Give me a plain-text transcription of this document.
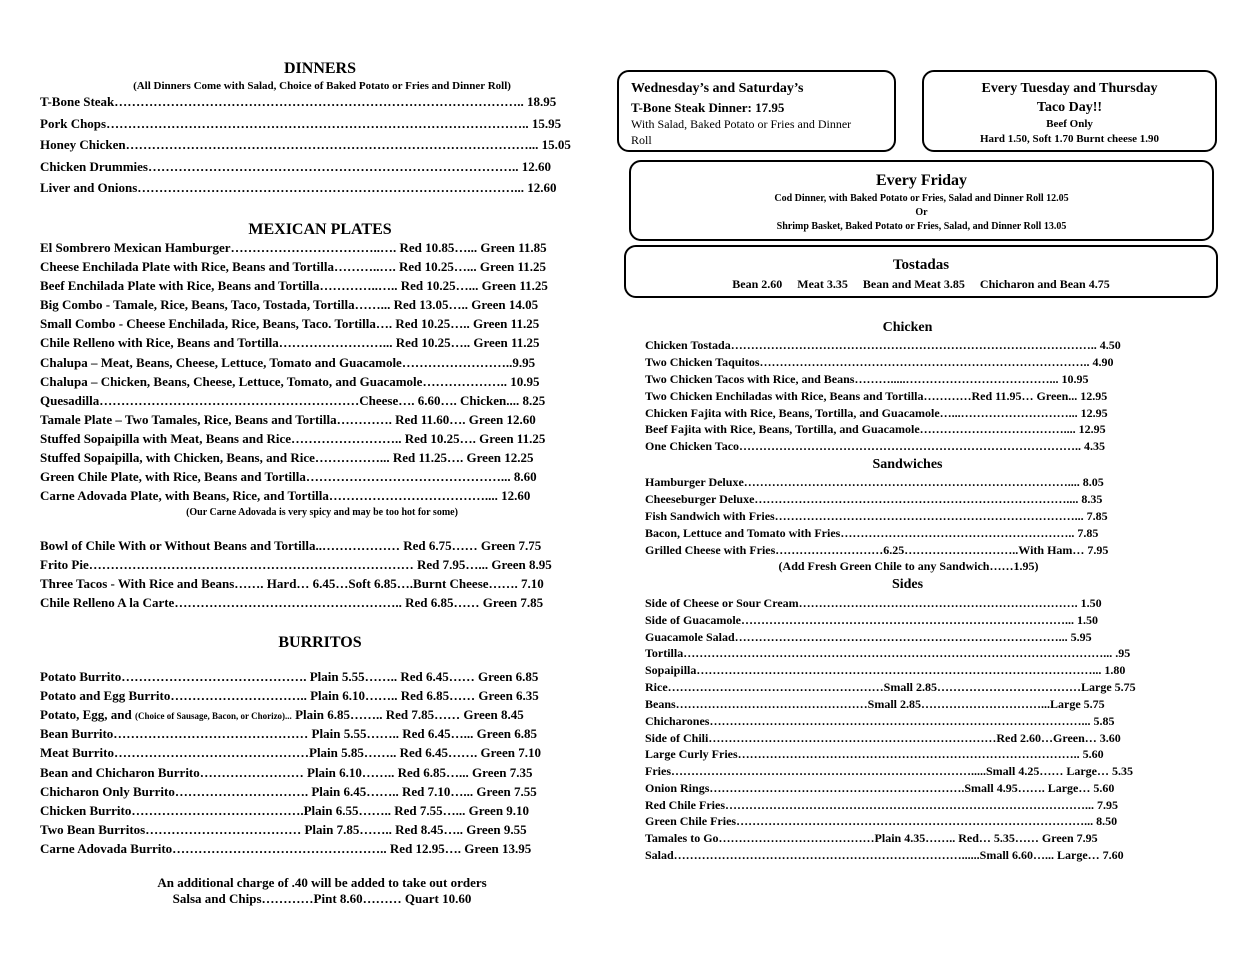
DINNERS
(All Dinners Come with Salad, Choice of Baked Potato or Fries and Dinner Roll)
T-Bone Steak………………………………………………………………………………….. 18.95
Pork Chops…………………………………………………………………………………….. 15.95
Honey Chicken…………………………………………………………………………………... 15.05
Chicken Drummies………………………………………………………………………….. 12.60
Liver and Onions……………………………………………………………………………... 12.60
MEXICAN PLATES
El Sombrero Mexican Hamburger……………………………..…. Red 10.85…... Green 11.85
Cheese Enchilada Plate with Rice, Beans and Tortilla………..…. Red 10.25…... Green 11.25
Beef Enchilada Plate with Rice, Beans and Tortilla…………..….. Red 10.25…... Green 11.25
Big Combo - Tamale, Rice, Beans, Taco, Tostada, Tortilla……... Red 13.05….. Green 14.05
Small Combo - Cheese Enchilada, Rice, Beans, Taco. Tortilla…. Red 10.25….. Green 11.25
Chile Relleno with Rice, Beans and Tortilla……………………... Red 10.25….. Green 11.25
Chalupa – Meat, Beans, Cheese, Lettuce, Tomato and Guacamole……………………..9.95
Chalupa – Chicken, Beans, Cheese, Lettuce, Tomato, and Guacamole……………….. 10.95
Quesadilla……………………………………………………Cheese…. 6.60…. Chicken.... 8.25
Tamale Plate – Two Tamales, Rice, Beans and Tortilla…………. Red 11.60…. Green 12.60
Stuffed Sopaipilla with Meat, Beans and Rice…………………….. Red 10.25…. Green 11.25
Stuffed Sopaipilla, with Chicken, Beans, and Rice……………... Red 11.25…. Green 12.25
Green Chile Plate, with Rice, Beans and Tortilla………………………………………... 8.60
Carne Adovada Plate, with Beans, Rice, and Tortilla……………………………….... 12.60
(Our Carne Adovada is very spicy and may be too hot for some)
Bowl of Chile With or Without Beans and Tortilla..……………… Red 6.75…… Green 7.75
Frito Pie………………………………………………………………… Red 7.95…... Green 8.95
Three Tacos - With Rice and Beans……. Hard… 6.45…Soft 6.85….Burnt Cheese……. 7.10
Chile Relleno A la Carte…………………………………………….. Red 6.85…… Green 7.85
BURRITOS
Potato Burrito……………………………………. Plain 5.55…….. Red 6.45…… Green 6.85
Potato and Egg Burrito………………………….. Plain 6.10…….. Red 6.85…… Green 6.35
Potato, Egg, and (Choice of Sausage, Bacon, or Chorizo)... Plain 6.85…….. Red 7.85…… Green 8.45
Bean Burrito……………………………………… Plain 5.55…….. Red 6.45…... Green 6.85
Meat Burrito………………………………………Plain 5.85…….. Red 6.45……. Green 7.10
Bean and Chicharon Burrito…………………… Plain 6.10…….. Red 6.85…... Green 7.35
Chicharon Only Burrito…………………………. Plain 6.45…….. Red 7.10…... Green 7.55
Chicken Burrito………………………………….Plain 6.55…….. Red 7.55…... Green 9.10
Two Bean Burritos……………………………… Plain 7.85…….. Red 8.45….. Green 9.55
Carne Adovada Burrito………………………………………….. Red 12.95…. Green 13.95
An additional charge of .40 will be added to take out orders
Salsa and Chips…………Pint 8.60……… Quart 10.60
Wednesday’s and Saturday’s
T-Bone Steak Dinner: 17.95
With Salad, Baked Potato or Fries and Dinner
Roll
Every Tuesday and Thursday
Taco Day!!
Beef Only
Hard 1.50, Soft 1.70 Burnt cheese 1.90
Every Friday
Cod Dinner, with Baked Potato or Fries, Salad and Dinner Roll 12.05
Or
Shrimp Basket, Baked Potato or Fries, Salad, and Dinner Roll 13.05
Tostadas
Bean 2.60     Meat 3.35     Bean and Meat 3.85     Chicharon and Bean 4.75
Chicken
Chicken Tostada……………………………………………………………………………….. 4.50
Two Chicken Taquitos……………………………………………………………………….. 4.90
Two Chicken Tacos with Rice, and Beans……….....………………………………... 10.95
Two Chicken Enchiladas with Rice, Beans and Tortilla…………Red 11.95… Green... 12.95
Chicken Fajita with Rice, Beans, Tortilla, and Guacamole…...………………………... 12.95
Beef Fajita with Rice, Beans, Tortilla, and Guacamole……………………………….... 12.95
One Chicken Taco………………………………………………………………………….. 4.35
Sandwiches
Hamburger Deluxe……………………………………………………………………….... 8.05
Cheeseburger Deluxe…………………………………………………………………….... 8.35
Fish Sandwich with Fries…………………………………………………………………... 7.85
Bacon, Lettuce and Tomato with Fries………………………………………………….. 7.85
Grilled Cheese with Fries………………………6.25………………………..With Ham… 7.95
(Add Fresh Green Chile to any Sandwich……1.95)
Sides
Side of Cheese or Sour Cream……………………………………………………………. 1.50
Side of Guacamole………………………………………………………………………... 1.50
Guacamole Salad………………………………………………………………………... 5.95
Tortilla……………………………………………………………………………………………... .95
Sopaipilla………………………………………………………………………………………... 1.80
Rice………………………………………………Small 2.85………………………………Large 5.75
Beans…………………………………………Small 2.85…………………………...Large 5.75
Chicharones…………………………………………………………………………………... 5.85
Side of Chili………………………………………………………………Red 2.60…Green… 3.60
Large Curly Fries………………………………………………………………………….. 5.60
Fries………………………………………………………………….....Small 4.25…… Large… 5.35
Onion Rings……………………………………………………….Small 4.95……. Large… 5.60
Red Chile Fries………………………………………………………………………………... 7.95
Green Chile Fries……………………………………………………………………………... 8.50
Tamales to Go…………………………………Plain 4.35…….. Red… 5.35…… Green 7.95
Salad………………………………………………………………......Small 6.60…... Large… 7.60
